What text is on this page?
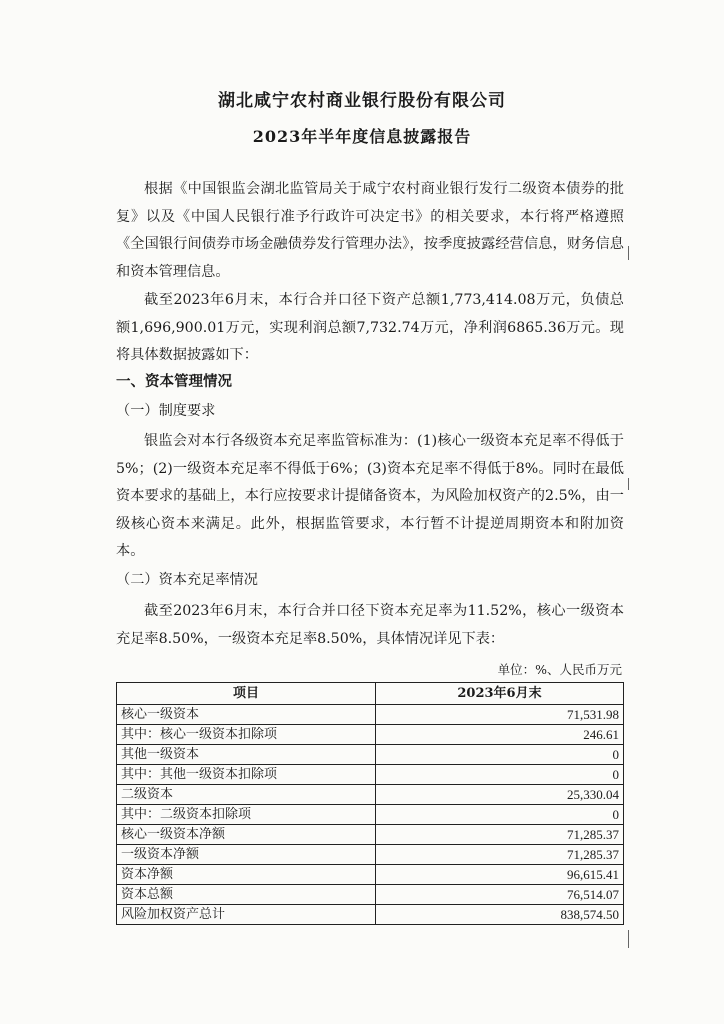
湖北咸宁农村商业银行股份有限公司
2023年半年度信息披露报告

根据《中国银监会湖北监管局关于咸宁农村商业银行发行二级资本债券的批复》以及《中国人民银行准予行政许可决定书》的相关要求，本行将严格遵照《全国银行间债券市场金融债券发行管理办法》，按季度披露经营信息，财务信息和资本管理信息。

截至2023年6月末，本行合并口径下资产总额1,773,414.08万元，负债总额1,696,900.01万元，实现利润总额7,732.74万元，净利润6865.36万元。现将具体数据披露如下：

一、资本管理情况
（一）制度要求

银监会对本行各级资本充足率监管标准为：(1)核心一级资本充足率不得低于5%；(2)一级资本充足率不得低于6%；(3)资本充足率不得低于8%。同时在最低资本要求的基础上，本行应按要求计提储备资本，为风险加权资产的2.5%，由一级核心资本来满足。此外，根据监管要求，本行暂不计提逆周期资本和附加资本。

（二）资本充足率情况

截至2023年6月末，本行合并口径下资本充足率为11.52%，核心一级资本充足率8.50%，一级资本充足率8.50%，具体情况详见下表：

单位：%、人民币万元
项目	2023年6月末
核心一级资本	71,531.98
其中：核心一级资本扣除项	246.61
其他一级资本	0
其中：其他一级资本扣除项	0
二级资本	25,330.04
其中：二级资本扣除项	0
核心一级资本净额	71,285.37
一级资本净额	71,285.37
资本净额	96,615.41
资本总额	76,514.07
风险加权资产总计	838,574.50
